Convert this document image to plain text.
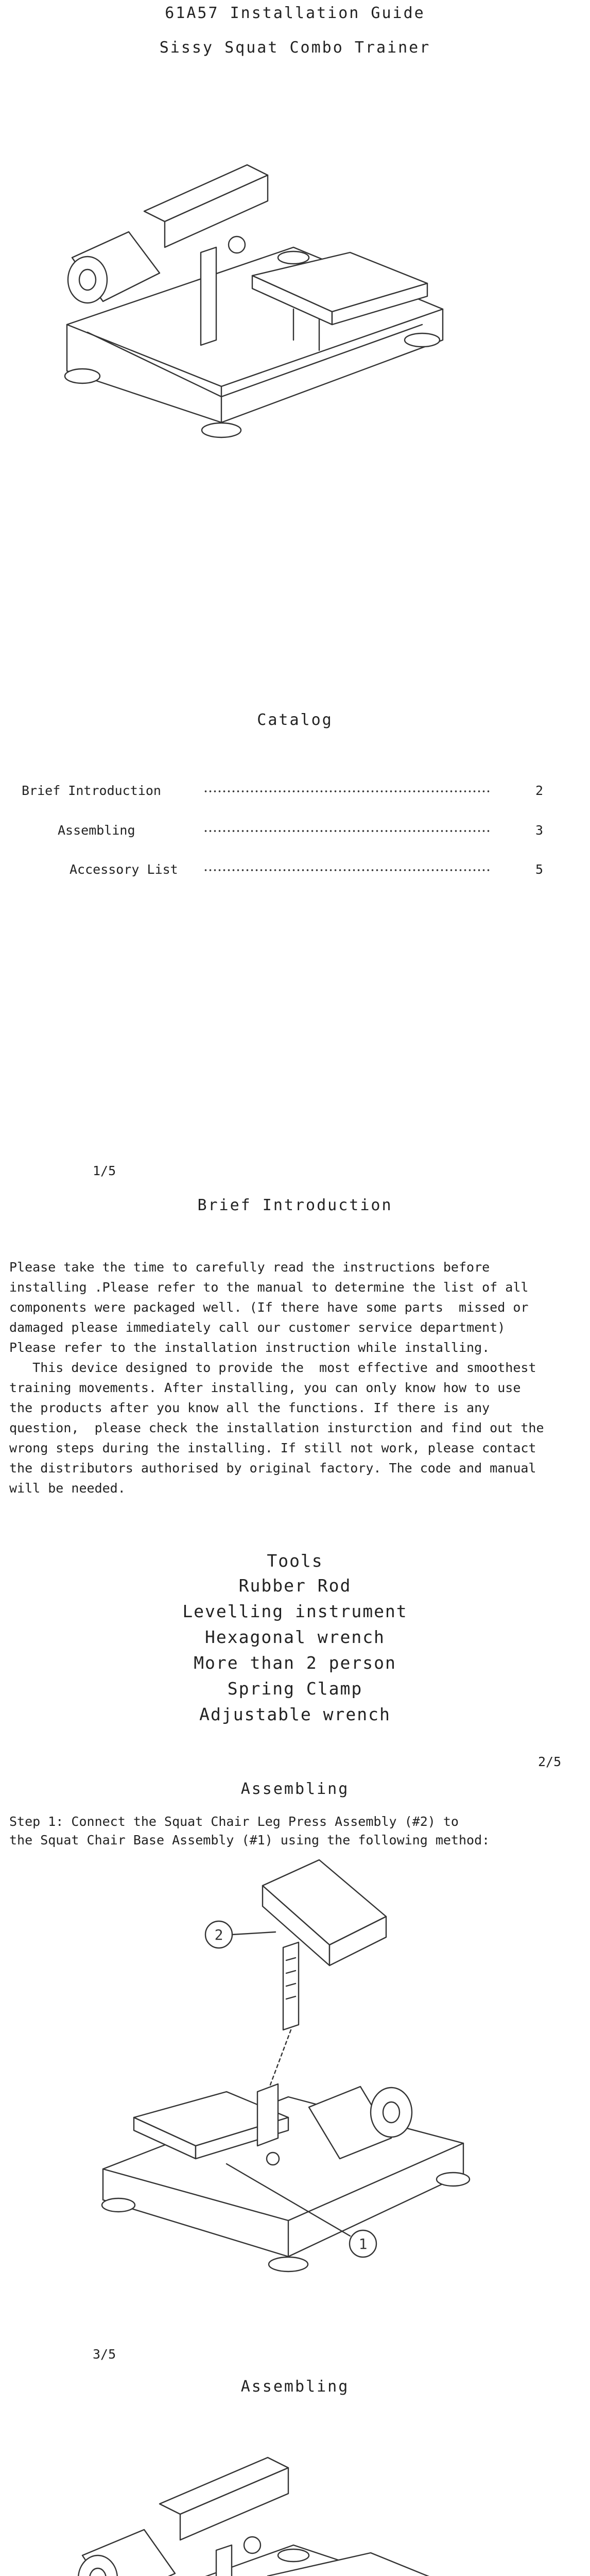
61A57 Installation Guide
Sissy Squat Combo Trainer
Catalog
Brief Introduction	2
Assembling	3
Accessory List	5
1/5
Brief Introduction
Please take the time to carefully read the instructions before
installing .Please refer to the manual to determine the list of all
components were packaged well. (If there have some parts  missed or
damaged please immediately call our customer service department)
Please refer to the installation instruction while installing.
This device designed to provide the  most effective and smoothest
training movements. After installing, you can only know how to use
the products after you know all the functions. If there is any
question,  please check the installation insturction and find out the
wrong steps during the installing. If still not work, please contact
the distributors authorised by original factory. The code and manual
will be needed.
Tools
Rubber Rod
Levelling instrument
Hexagonal wrench
More than 2 person
Spring Clamp
Adjustable wrench
2/5
Assembling
Step 1: Connect the Squat Chair Leg Press Assembly (#2) to
the Squat Chair Base Assembly (#1) using the following method:
2
1
3/5
Assembling
